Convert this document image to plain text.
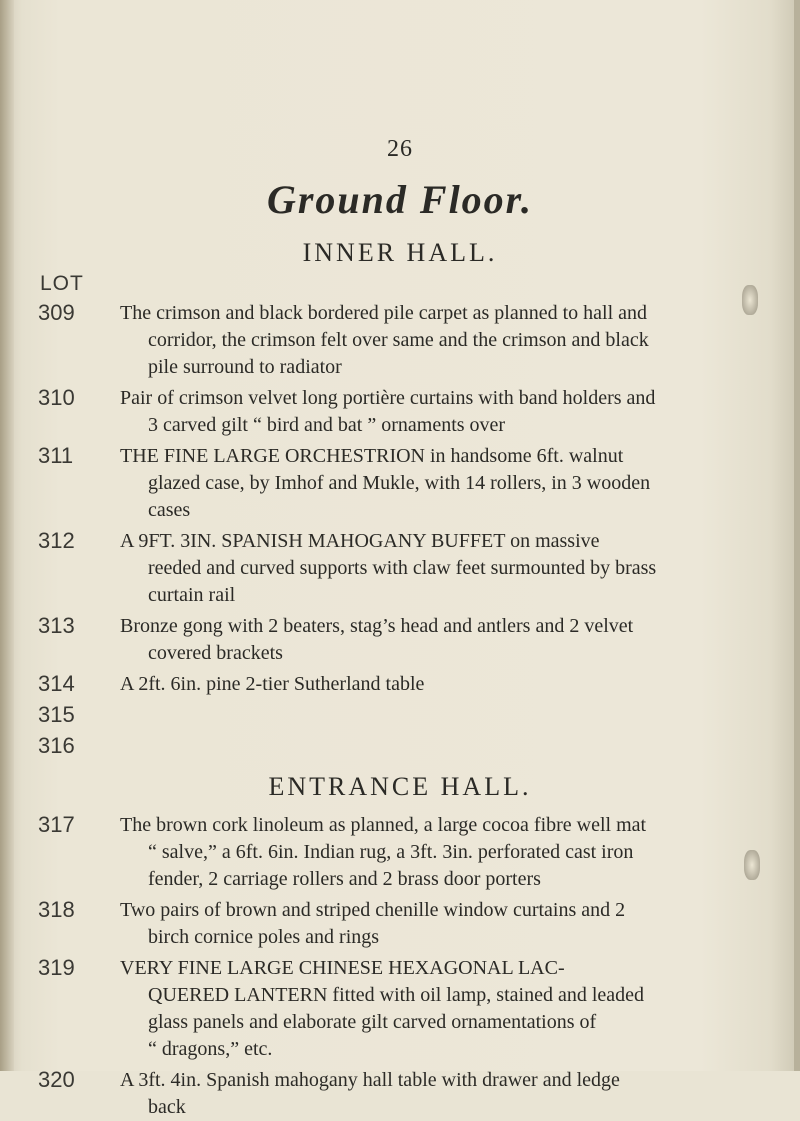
26
Ground Floor.
INNER HALL.
LOT
309 The crimson and black bordered pile carpet as planned to hall and
corridor, the crimson felt over same and the crimson and black
pile surround to radiator
310 Pair of crimson velvet long portière curtains with band holders and
3 carved gilt “ bird and bat ” ornaments over
311 THE FINE LARGE ORCHESTRION in handsome 6ft. walnut
glazed case, by Imhof and Mukle, with 14 rollers, in 3 wooden
cases
312 A 9FT. 3IN. SPANISH MAHOGANY BUFFET on massive
reeded and curved supports with claw feet surmounted by brass
curtain rail
313 Bronze gong with 2 beaters, stag’s head and antlers and 2 velvet
covered brackets
314 A 2ft. 6in. pine 2-tier Sutherland table
315
316
ENTRANCE HALL.
317 The brown cork linoleum as planned, a large cocoa fibre well mat
“ salve,” a 6ft. 6in. Indian rug, a 3ft. 3in. perforated cast iron
fender, 2 carriage rollers and 2 brass door porters
318 Two pairs of brown and striped chenille window curtains and 2
birch cornice poles and rings
319 VERY FINE LARGE CHINESE HEXAGONAL LAC-
QUERED LANTERN fitted with oil lamp, stained and leaded
glass panels and elaborate gilt carved ornamentations of
“ dragons,” etc.
320 A 3ft. 4in. Spanish mahogany hall table with drawer and ledge
back
